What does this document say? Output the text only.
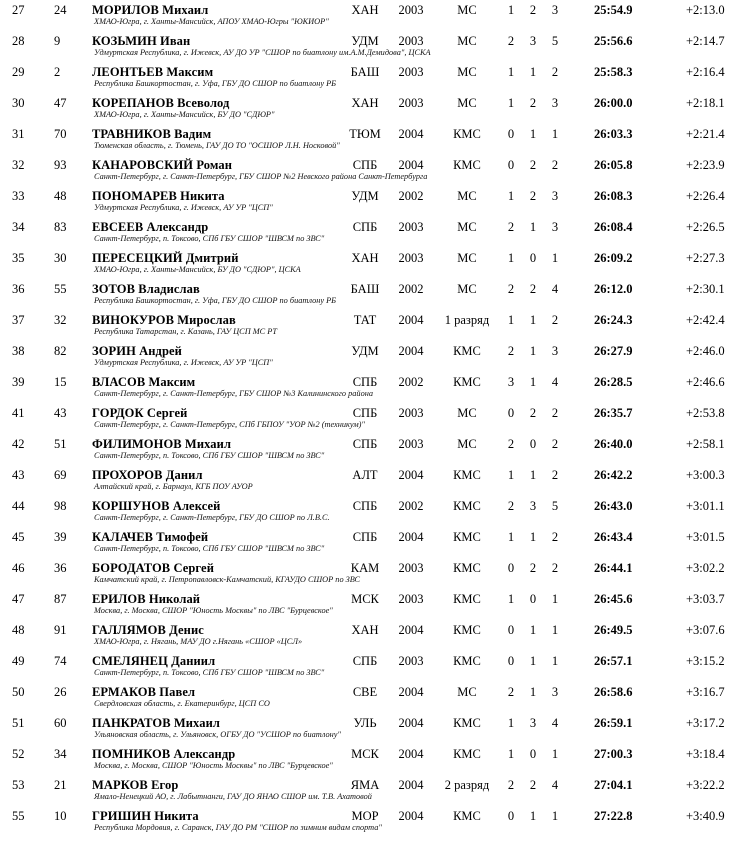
27	24	МОРИЛОВ Михаил	ХАН	2003	МС	1	2	3		25:54.9		+2:13.0
		ХМАО-Югра, г. Ханты-Мансийск, АПОУ ХМАО-Югры "ЮКИОР"										
28	9	КОЗЬМИН Иван	УДМ	2003	МС	2	3	5		25:56.6		+2:14.7
		Удмуртская Республика, г. Ижевск, АУ ДО УР "СШОР по биатлону им.А.М.Демидова", ЦСКА										
29	2	ЛЕОНТЬЕВ Максим	БАШ	2003	МС	1	1	2		25:58.3		+2:16.4
		Республика Башкортостан, г. Уфа, ГБУ ДО СШОР по биатлону РБ										
30	47	КОРЕПАНОВ Всеволод	ХАН	2003	МС	1	2	3		26:00.0		+2:18.1
		ХМАО-Югра, г. Ханты-Мансийск, БУ ДО "СДЮР"										
31	70	ТРАВНИКОВ Вадим	ТЮМ	2004	КМС	0	1	1		26:03.3		+2:21.4
		Тюменская область, г. Тюмень, ГАУ ДО ТО "ОСШОР Л.Н. Носковой"										
32	93	КАНАРОВСКИЙ Роман	СПБ	2004	КМС	0	2	2		26:05.8		+2:23.9
		Санкт-Петербург, г. Санкт-Петербург, ГБУ СШОР №2 Невского района Санкт-Петербурга										
33	48	ПОНОМАРЕВ Никита	УДМ	2002	МС	1	2	3		26:08.3		+2:26.4
		Удмуртская Республика, г. Ижевск, АУ УР "ЦСП"										
34	83	ЕВСЕЕВ Александр	СПБ	2003	МС	2	1	3		26:08.4		+2:26.5
		Санкт-Петербург, п. Токсово, СПб ГБУ СШОР "ШВСМ по ЗВС"										
35	30	ПЕРЕСЕЦКИЙ Дмитрий	ХАН	2003	МС	1	0	1		26:09.2		+2:27.3
		ХМАО-Югра, г. Ханты-Мансийск, БУ ДО "СДЮР", ЦСКА										
36	55	ЗОТОВ Владислав	БАШ	2002	МС	2	2	4		26:12.0		+2:30.1
		Республика Башкортостан, г. Уфа, ГБУ ДО СШОР по биатлону РБ										
37	32	ВИНОКУРОВ Мирослав	ТАТ	2004	1 разряд	1	1	2		26:24.3		+2:42.4
		Республика Татарстан, г. Казань, ГАУ ЦСП МС РТ										
38	82	ЗОРИН Андрей	УДМ	2004	КМС	2	1	3		26:27.9		+2:46.0
		Удмуртская Республика, г. Ижевск, АУ УР "ЦСП"										
39	15	ВЛАСОВ Максим	СПБ	2002	КМС	3	1	4		26:28.5		+2:46.6
		Санкт-Петербург, г. Санкт-Петербург, ГБУ СШОР №3 Калининского района										
41	43	ГОРДОК Сергей	СПБ	2003	МС	0	2	2		26:35.7		+2:53.8
		Санкт-Петербург, г. Санкт-Петербург, СПб ГБПОУ "УОР №2 (техникум)"										
42	51	ФИЛИМОНОВ Михаил	СПБ	2003	МС	2	0	2		26:40.0		+2:58.1
		Санкт-Петербург, п. Токсово, СПб ГБУ СШОР "ШВСМ по ЗВС"										
43	69	ПРОХОРОВ Данил	АЛТ	2004	КМС	1	1	2		26:42.2		+3:00.3
		Алтайский край, г. Барнаул, КГБ ПОУ АУОР										
44	98	КОРШУНОВ Алексей	СПБ	2002	КМС	2	3	5		26:43.0		+3:01.1
		Санкт-Петербург, г. Санкт-Петербург, ГБУ ДО СШОР по Л.В.С.										
45	39	КАЛАЧЕВ Тимофей	СПБ	2004	КМС	1	1	2		26:43.4		+3:01.5
		Санкт-Петербург, п. Токсово, СПб ГБУ СШОР "ШВСМ по ЗВС"										
46	36	БОРОДАТОВ Сергей	КАМ	2003	КМС	0	2	2		26:44.1		+3:02.2
		Камчатский край, г. Петропавловск-Камчатский, КГАУДО СШОР по ЗВС										
47	87	ЕРИЛОВ Николай	МСК	2003	КМС	1	0	1		26:45.6		+3:03.7
		Москва, г. Москва, СШОР "Юность Москвы" по ЛВС "Бурцевское"										
48	91	ГАЛЛЯМОВ Денис	ХАН	2004	КМС	0	1	1		26:49.5		+3:07.6
		ХМАО-Югра, г. Нягань, МАУ ДО г.Нягань «СШОР «ЦСЛ»										
49	74	СМЕЛЯНЕЦ Даниил	СПБ	2003	КМС	0	1	1		26:57.1		+3:15.2
		Санкт-Петербург, п. Токсово, СПб ГБУ СШОР "ШВСМ по ЗВС"										
50	26	ЕРМАКОВ Павел	СВЕ	2004	МС	2	1	3		26:58.6		+3:16.7
		Свердловская область, г. Екатеринбург, ЦСП СО										
51	60	ПАНКРАТОВ Михаил	УЛЬ	2004	КМС	1	3	4		26:59.1		+3:17.2
		Ульяновская область, г. Ульяновск, ОГБУ ДО "УСШОР по биатлону"										
52	34	ПОМНИКОВ Александр	МСК	2004	КМС	1	0	1		27:00.3		+3:18.4
		Москва, г. Москва, СШОР "Юность Москвы" по ЛВС "Бурцевское"										
53	21	МАРКОВ Егор	ЯМА	2004	2 разряд	2	2	4		27:04.1		+3:22.2
		Ямало-Ненецкий АО, г. Лабытнанги, ГАУ ДО ЯНАО СШОР им. Т.В. Ахатовой										
55	10	ГРИШИН Никита	МОР	2004	КМС	0	1	1		27:22.8		+3:40.9
		Республика Мордовия, г. Саранск, ГАУ ДО РМ "СШОР по зимним видам спорта"										
